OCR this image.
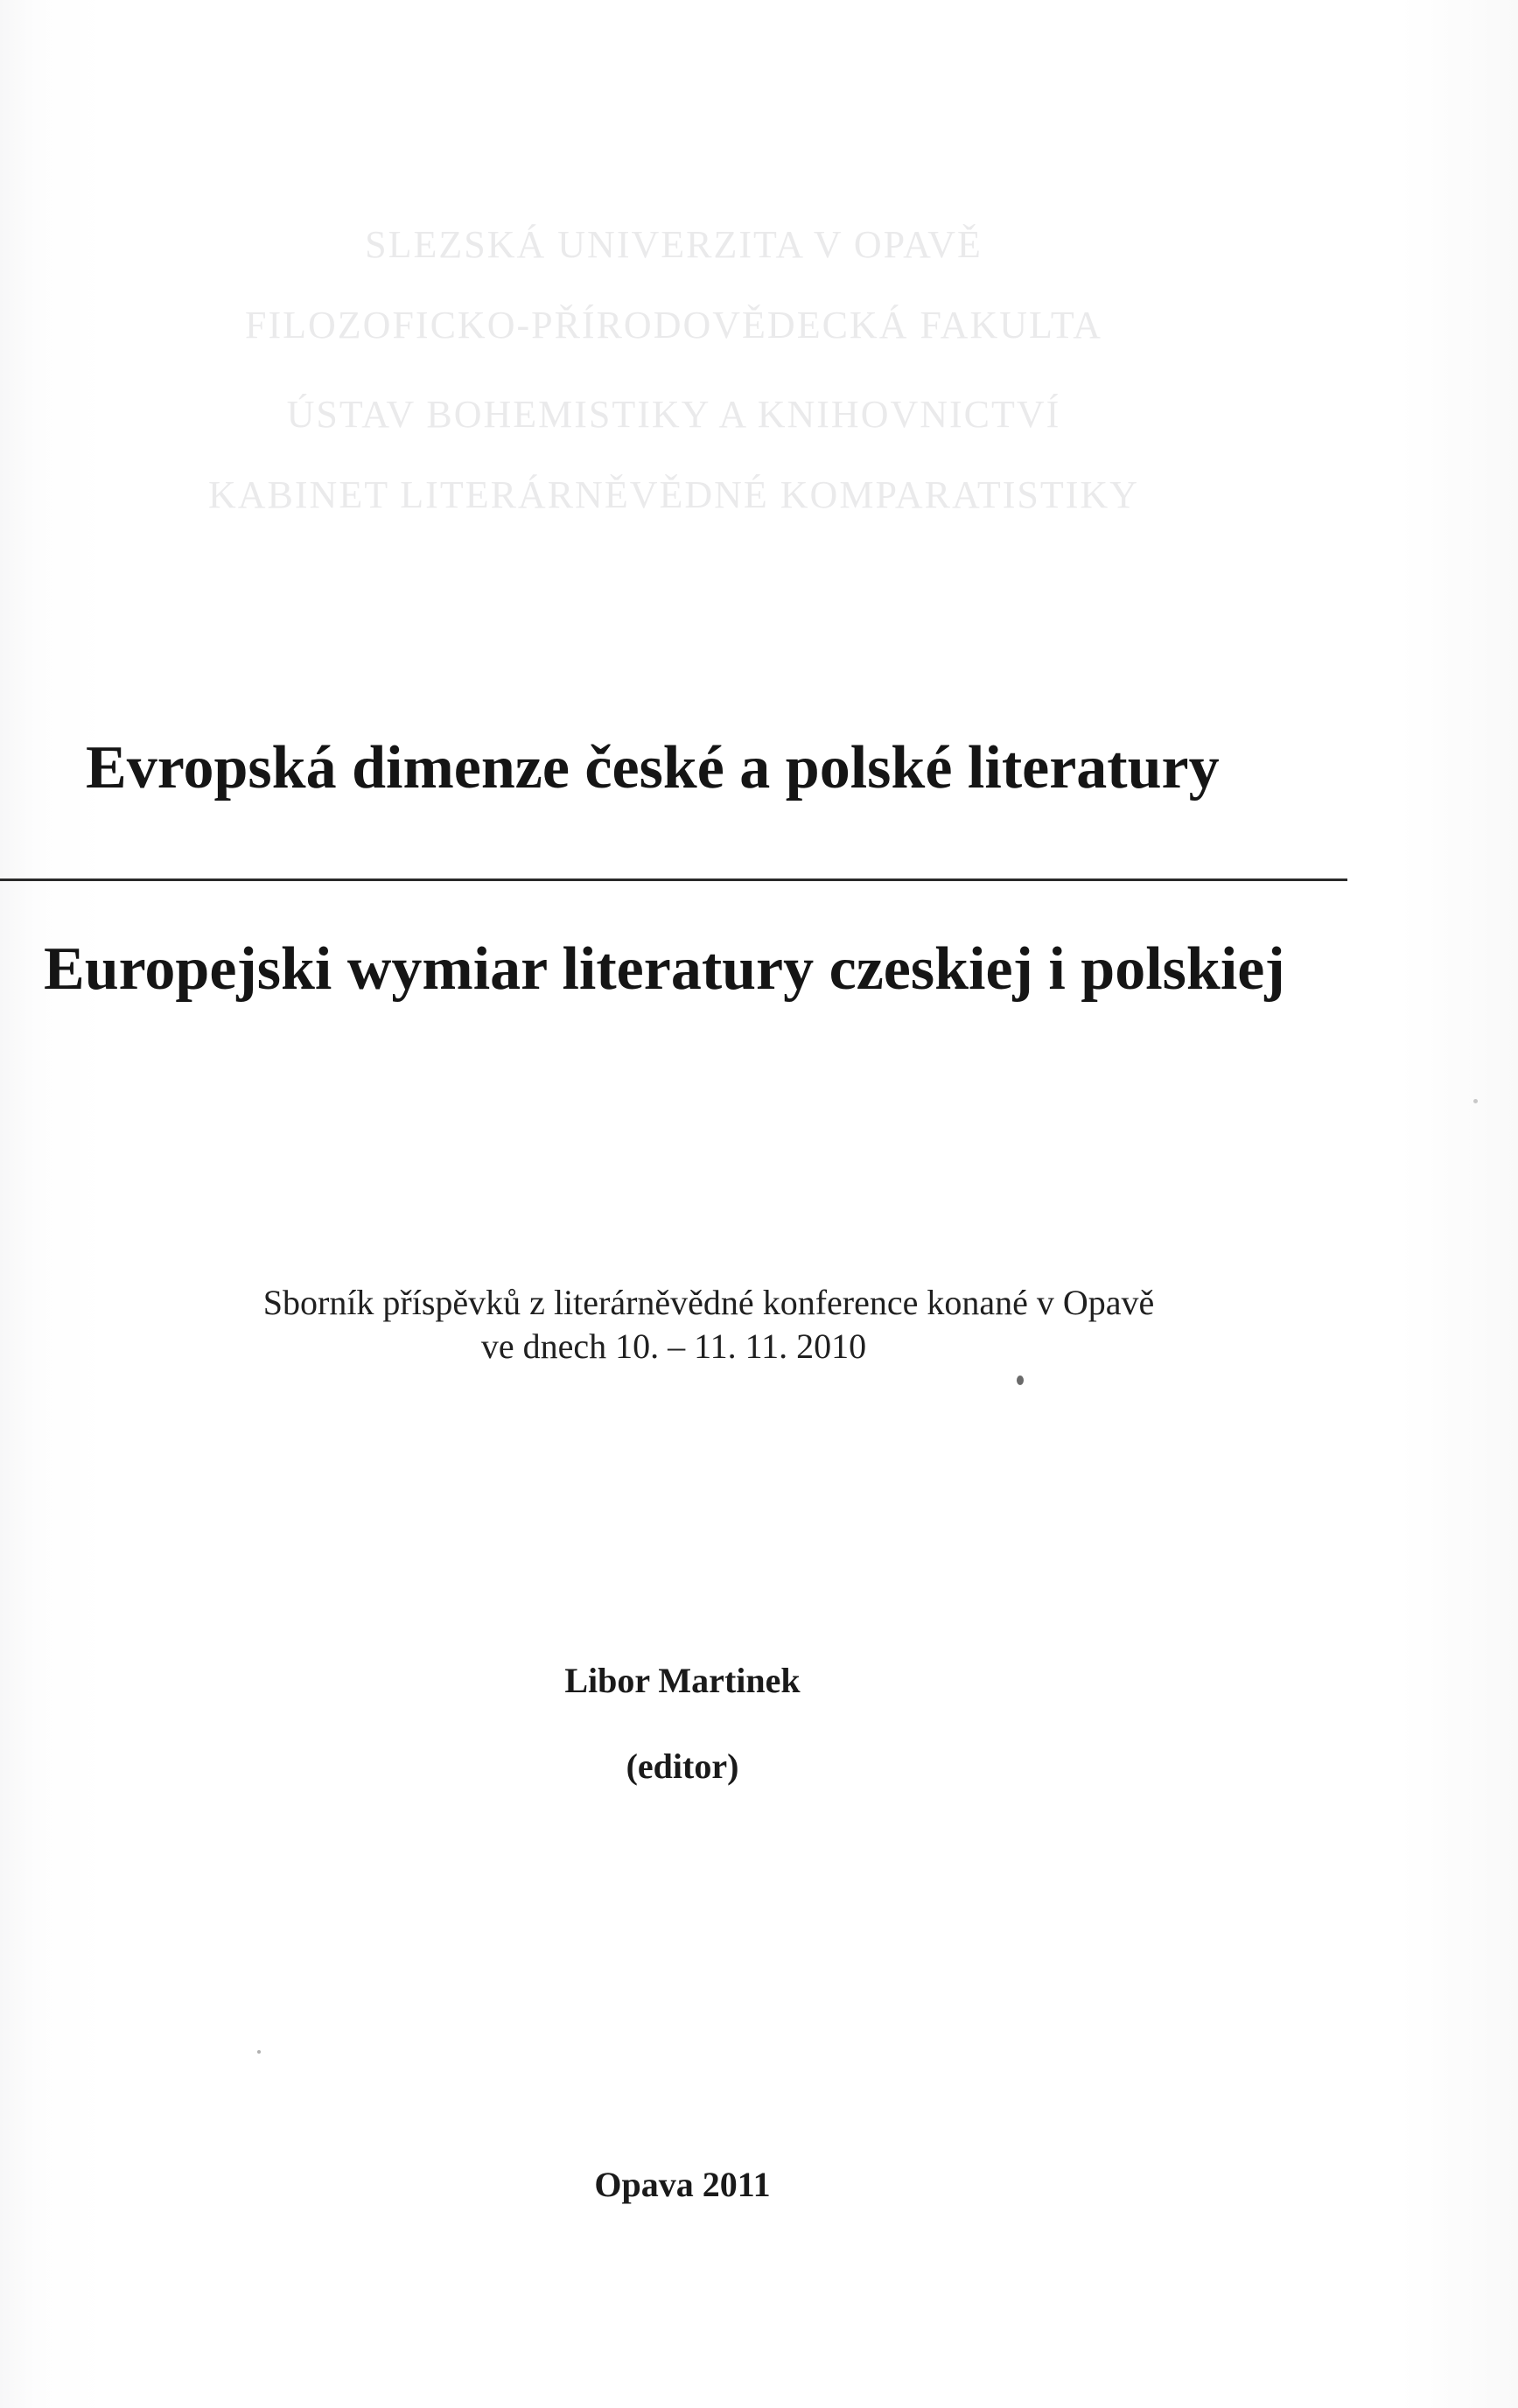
SLEZSKÁ UNIVERZITA V OPAVĚ
FILOZOFICKO-PŘÍRODOVĚDECKÁ FAKULTA
ÚSTAV BOHEMISTIKY A KNIHOVNICTVÍ
KABINET LITERÁRNĚVĚDNÉ KOMPARATISTIKY
Evropská dimenze české a polské literatury
Europejski wymiar literatury czeskiej i polskiej
Sborník příspěvků z literárněvědné konference konané v Opavě
ve dnech 10. – 11. 11. 2010
Libor Martinek
(editor)
Opava 2011
